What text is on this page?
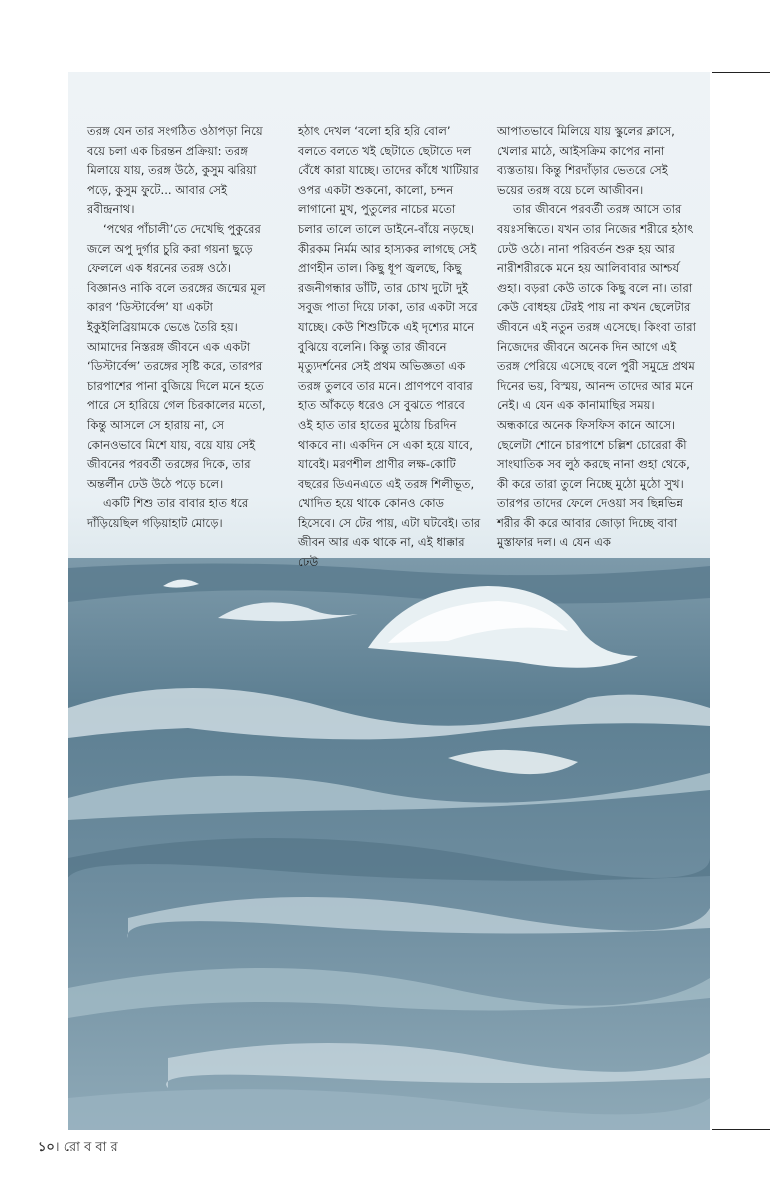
তরঙ্গ যেন তার সংগঠিত ওঠাপড়া নিয়ে বয়ে চলা এক চিরন্তন প্রক্রিয়া: তরঙ্গ মিলায়ে যায়, তরঙ্গ উঠে, কুসুম ঝরিয়া পড়ে, কুসুম ফুটে... আবার সেই রবীন্দ্রনাথ।

‘পথের পাঁচালী’তে দেখেছি পুকুরের জলে অপু দুর্গার চুরি করা গয়না ছুড়ে ফেললে এক ধরনের তরঙ্গ ওঠে। বিজ্ঞানও নাকি বলে তরঙ্গের জন্মের মূল কারণ ‘ডিস্টার্বেন্স’ যা একটা ইকুইলিব্রিয়ামকে ভেঙে তৈরি হয়। আমাদের নিস্তরঙ্গ জীবনে এক একটা ‘ডিস্টার্বেন্স’ তরঙ্গের সৃষ্টি করে, তারপর চারপাশের পানা বুজিয়ে দিলে মনে হতে পারে সে হারিয়ে গেল চিরকালের মতো, কিন্তু আসলে সে হারায় না, সে কোনওভাবে মিশে যায়, বয়ে যায় সেই জীবনের পরবর্তী তরঙ্গের দিকে, তার অন্তর্লীন ঢেউ উঠে পড়ে চলে।

একটি শিশু তার বাবার হাত ধরে দাঁড়িয়েছিল গড়িয়াহাট মোড়ে।

হঠাৎ দেখল ‘বলো হরি হরি বোল’ বলতে বলতে খই ছেটাতে ছেটাতে দল বেঁধে কারা যাচ্ছে। তাদের কাঁধে খাটিয়ার ওপর একটা শুকনো, কালো, চন্দন লাগানো মুখ, পুতুলের নাচের মতো চলার তালে তালে ডাইনে-বাঁয়ে নড়ছে। কীরকম নির্মম আর হাস্যকর লাগছে সেই প্রাণহীন তাল। কিছু ধূপ জ্বলছে, কিছু রজনীগন্ধার ডাঁটি, তার চোখ দুটো দুই সবুজ পাতা দিয়ে ঢাকা, তার একটা সরে যাচ্ছে। কেউ শিশুটিকে এই দৃশ্যের মানে বুঝিয়ে বলেনি। কিন্তু তার জীবনে মৃত্যুদর্শনের সেই প্রথম অভিজ্ঞতা এক তরঙ্গ তুলবে তার মনে। প্রাণপণে বাবার হাত আঁকড়ে ধরেও সে বুঝতে পারবে ওই হাত তার হাতের মুঠোয় চিরদিন থাকবে না। একদিন সে একা হয়ে যাবে, যাবেই। মরণশীল প্রাণীর লক্ষ-কোটি বছরের ডিএনএতে এই তরঙ্গ শিলীভূত, খোদিত হয়ে থাকে কোনও কোড হিসেবে। সে টের পায়, এটা ঘটবেই। তার জীবন আর এক থাকে না, এই ধাক্কার ঢেউ

আপাতভাবে মিলিয়ে যায় স্কুলের ক্লাসে, খেলার মাঠে, আইসক্রিম কাপের নানা ব্যস্ততায়। কিন্তু শিরদাঁড়ার ভেতরে সেই ভয়ের তরঙ্গ বয়ে চলে আজীবন।

তার জীবনে পরবর্তী তরঙ্গ আসে তার বয়ঃসন্ধিতে। যখন তার নিজের শরীরে হঠাৎ ঢেউ ওঠে। নানা পরিবর্তন শুরু হয় আর নারীশরীরকে মনে হয় আলিবাবার আশ্চর্য গুহা। বড়রা কেউ তাকে কিছু বলে না। তারা কেউ বোধহয় টেরই পায় না কখন ছেলেটার জীবনে এই নতুন তরঙ্গ এসেছে। কিংবা তারা নিজেদের জীবনে অনেক দিন আগে এই তরঙ্গ পেরিয়ে এসেছে বলে পুরী সমুদ্রে প্রথম দিনের ভয়, বিস্ময়, আনন্দ তাদের আর মনে নেই। এ যেন এক কানামাছির সময়। অন্ধকারে অনেক ফিসফিস কানে আসে। ছেলেটা শোনে চারপাশে চল্লিশ চোরেরা কী সাংঘাতিক সব লুঠ করছে নানা গুহা থেকে, কী করে তারা তুলে নিচ্ছে মুঠো মুঠো সুখ। তারপর তাদের ফেলে দেওয়া সব ছিন্নভিন্ন শরীর কী করে আবার জোড়া দিচ্ছে বাবা মুস্তাফার দল। এ যেন এক

১০। রো ব বা র
